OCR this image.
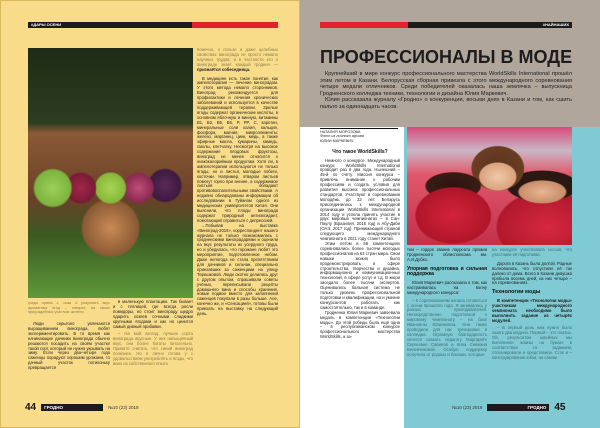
#ДАРЫ ОСЕНИ
градо прямо с лозы и разузнать вкус ароматных ягод – говорят, на своих приусадебных участках жители.

Люди серьёзно увлекаются выращиванием винограда, любят экспериментировать. В то время как начинающие дачники винограда обычно решаются посадить на своём участке такой сорт, который не нужно укрывать на зиму. Если через два-четыре года саженцы порадуют хорошим урожаем, то дачный участок потихоньку превращается

в маленькую плантацию. Так бывает и с теплицей, где всегда росли помидоры, но стоит винограду щедро одарить хозяев сочными сладкими крупными ягодами и как но ценится самый дивный прибавки.

– На мой взгляд, лучшие сорта винограда вкусные. У них насыщенный вкус, они более богаты питательно. Принято считать, что синий виноград полезнее. Но я лично готова у с удовольствием употреблять и ягоды, что вино из собственного опыта

Конечно, о пользе и даже целебных свойствах винограда не просто немало научных трудов, и в частности его о винограде знает каждый гроднич — признаётся собеседница.

В медицине есть такое понятие, как ампелотерапия — лечение виноградом. У этого метода немало сторонников. Виноград рекомендуется для профилактики и лечения хронических заболеваний и используется в качестве поддерживающей терапии. Зрелые ягоды содержат органические кислоты, в основном яблочную и винную, витамины B1, B2, B5, B6, P, PP, C, каротин, минеральные соли калия, кальция, фосфора, магния, микроэлементы: железо, марганец, цинк, медь, а также эфирные масла, кумарины, камедь, смолы, клетчатку. Несмотря на высокое содержание плодовых фруктозы, виноград не менее относится к низкокалорийным продуктам. Хотя ли, в ампелотерапии используются не только ягоды, но и листья, молодые побеги, косточки. Например, отваром листьев помогут горло при ангине, а содержимое листьев обладают противовоспалительными свойствами. А недавно обнародованы информации об исследовании в Гуйаном одного из медицинских университетов Китая. Они выяснили, что плоды винограда содержат природный антиоксидант, помогающий справиться с депрессией.

...Побывав на выставке «Виноград-2019», корреспондент нашего журнала не только познакомилась с гродненскими виноградарями и оценили на вкус результаты их усердного труда, но и убедилась, что горожане любят это мероприятие, подготовленное небом. Даже непогода не стала препятствием для дачников и сельчан, специально приехавших за саженцами на улицу Терешковой. Люди охотно делились друг с другом опытом, спрашивали советы учёных, переписывали рецепты домашнего вина и способы хранения, новые подвои вместо для заполнения саженцев покупали в разы больше. Але, конечно же, и «Сенсацией», готовы были приехать на выставку на следующий день.

44	ГРОДНО	№10 (23) 2019
#НАЙНАШИХ
ПРОФЕССИОНАЛЫ В МОДЕ

Крупнейший в мире конкурс профессионального мастерства WorldSkills International прошёл этим летом в Казани. Белорусская сборная привезла с этого международного соревнования четыре медали отличников. Среди победителей оказалась наша землячка – выпускница Гродненского колледжа техники, технологии и дизайна Юлия Маркевич.

Юлия рассказала журналу «Гродно» о конкуренции, восьми днях в Казани и том, как сшить пальто за одиннадцать часов.

НАТАЛИЯ МОРОЗОВА
Фото из личного архива
ЮЛИИ МАРКЕВИЧ
Что такое WorldSkills?

Немного о конкурсе. Международный конкурс WorldSkills International проводит раз в два года. Нынешний – 45-й по счёту. Миссия конкурса – привлечь внимание к рабочим профессиям и создать условия для развития высоких профессиональных стандартов. Участвуют в соревновании молодёжь до 22 лет. Беларусь присоединилась к международной организации WorldSkills International в 2014 году и успела принять участие в двух мировых чемпионатах – в Сан-Паулу (Бразилия, 2015 год) и Абу-Даби (ОАЭ, 2017 год). Принимающей страной следующего международного чемпионата в 2021 году станет Китай.

Этим летом в 56 компетенциях соревновались более тысячи молодых профессионалов из 63 стран мира. Свои навыки можно было продемонстрировать в сфере строительства, творчества и дизайна, информационно и коммуникационных технологий, в сфере услуг и т.д. В жюри заседало более тысячи экспертов. Оценивались бальная система не только уровень профессиональной подготовки и квалификации, но и умение конкурсантов работать как самостоятельно, так и в команде.

Гродненка Юлия Маркевич завоевала медаль в компетенции «Технологии моды». До этой победы была ещё одна – в республиканском конкурсе профессионального мастерства WorldSkills, а за-

тем – гордое звание лауреата премии Гродненского облисполкома им. А.И.Дубко.
Упорная подготовка и сильная поддержка

Юлия Маркевич рассказала о том, как настраивалась на волну международного конкурса:

– К соревнованиям начала готовиться с осени прошлого года. Я занималась у разных преподавателей. Непосредственно подготовкой к мировому чемпионату – на базе Ивановны Юлиановна. Они также проводили для нас тренировки в колледже. Огромную благодарность хочется сказать педагогу Маргарите Сергеевне Савиной и всем Снежана Веленчиковой. Особую поддержку получила от родных и близких, которые

на конкурсе участвовала сессия, что участники её подготовки.

Дорога в Казань была долгой. Родные волновались, что отпустили её так далеко от дома. Всего в Казани девушка пробыла восемь дней, из них четыре – на соревнованиях.

Технологии моды

В компетенции «Технологии моды» участникам международного чемпионата необходимо было выполнить задание из четырёх модулей.

– В первый день нам нужно было сшить два модели. Первый – это платье. Ой, результатом швейных мы выполнили эскизы на бумаге в соответствии со заданием, отсканировали и представили. Сток и – конструирование юбки, на самом

№10 (23) 2019	ГРОДНО 45
